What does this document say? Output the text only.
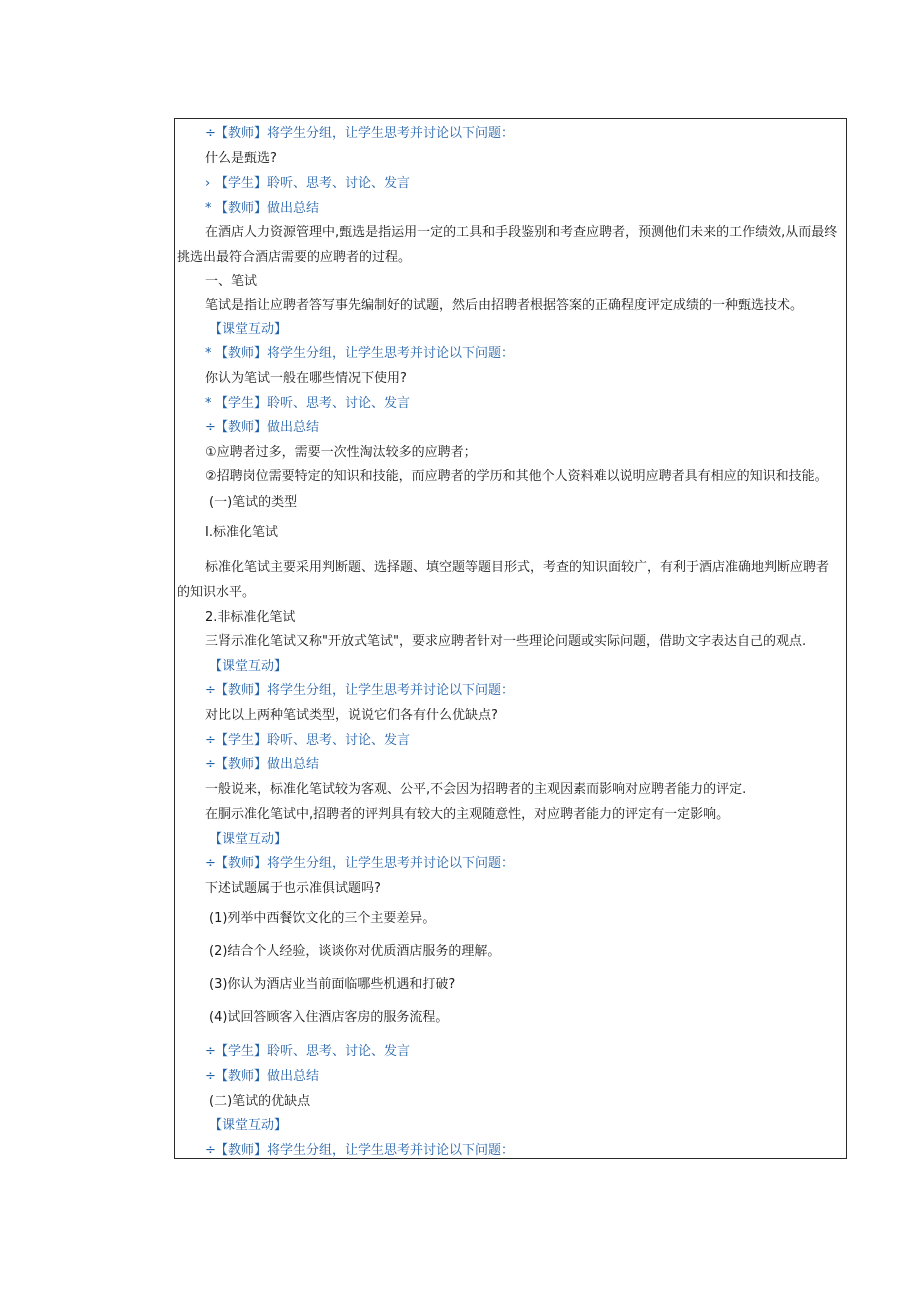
÷【教师】将学生分组，让学生思考并讨论以下问题：
什么是甄选?
› 【学生】聆听、思考、讨论、发言
* 【教师】做出总结
在酒店人力资源管理中,甄选是指运用一定的工具和手段鉴别和考查应聘者，预测他们未来的工作绩效,从而最终
挑选出最符合酒店需要的应聘者的过程。
一、笔试
笔试是指让应聘者答写事先编制好的试题，然后由招聘者根据答案的正确程度评定成绩的一种甄选技术。
【课堂互动】
* 【教师】将学生分组，让学生思考并讨论以下问题：
你认为笔试一般在哪些情况下使用?
* 【学生】聆听、思考、讨论、发言
÷【教师】做出总结
①应聘者过多，需要一次性淘汰较多的应聘者；
②招聘岗位需要特定的知识和技能，而应聘者的学历和其他个人资料难以说明应聘者具有相应的知识和技能。
(一)笔试的类型
I.标准化笔试
标准化笔试主要采用判断题、选择题、填空题等题目形式，考查的知识面较广，有利于酒店准确地判断应聘者
的知识水平。
2.非标准化笔试
三肾示准化笔试又称"开放式笔试"，要求应聘者针对一些理论问题或实际问题，借助文字表达自己的观点.
【课堂互动】
÷【教师】将学生分组，让学生思考并讨论以下问题：
对比以上两种笔试类型，说说它们各有什么优缺点?
÷【学生】聆听、思考、讨论、发言
÷【教师】做出总结
一般说来，标准化笔试较为客观、公平,不会因为招聘者的主观因素而影响对应聘者能力的评定.
在胴示准化笔试中,招聘者的评判具有较大的主观随意性，对应聘者能力的评定有一定影响。
【课堂互动】
÷【教师】将学生分组，让学生思考并讨论以下问题：
下述试题属于也示准俱试题吗?
(1)列举中西餐饮文化的三个主要差异。
(2)结合个人经验，谈谈你对优质酒店服务的理解。
(3)你认为酒店业当前面临哪些机遇和打破?
(4)试回答顾客入住酒店客房的服务流程。
÷【学生】聆听、思考、讨论、发言
÷【教师】做出总结
(二)笔试的优缺点
【课堂互动】
÷【教师】将学生分组，让学生思考并讨论以下问题：
